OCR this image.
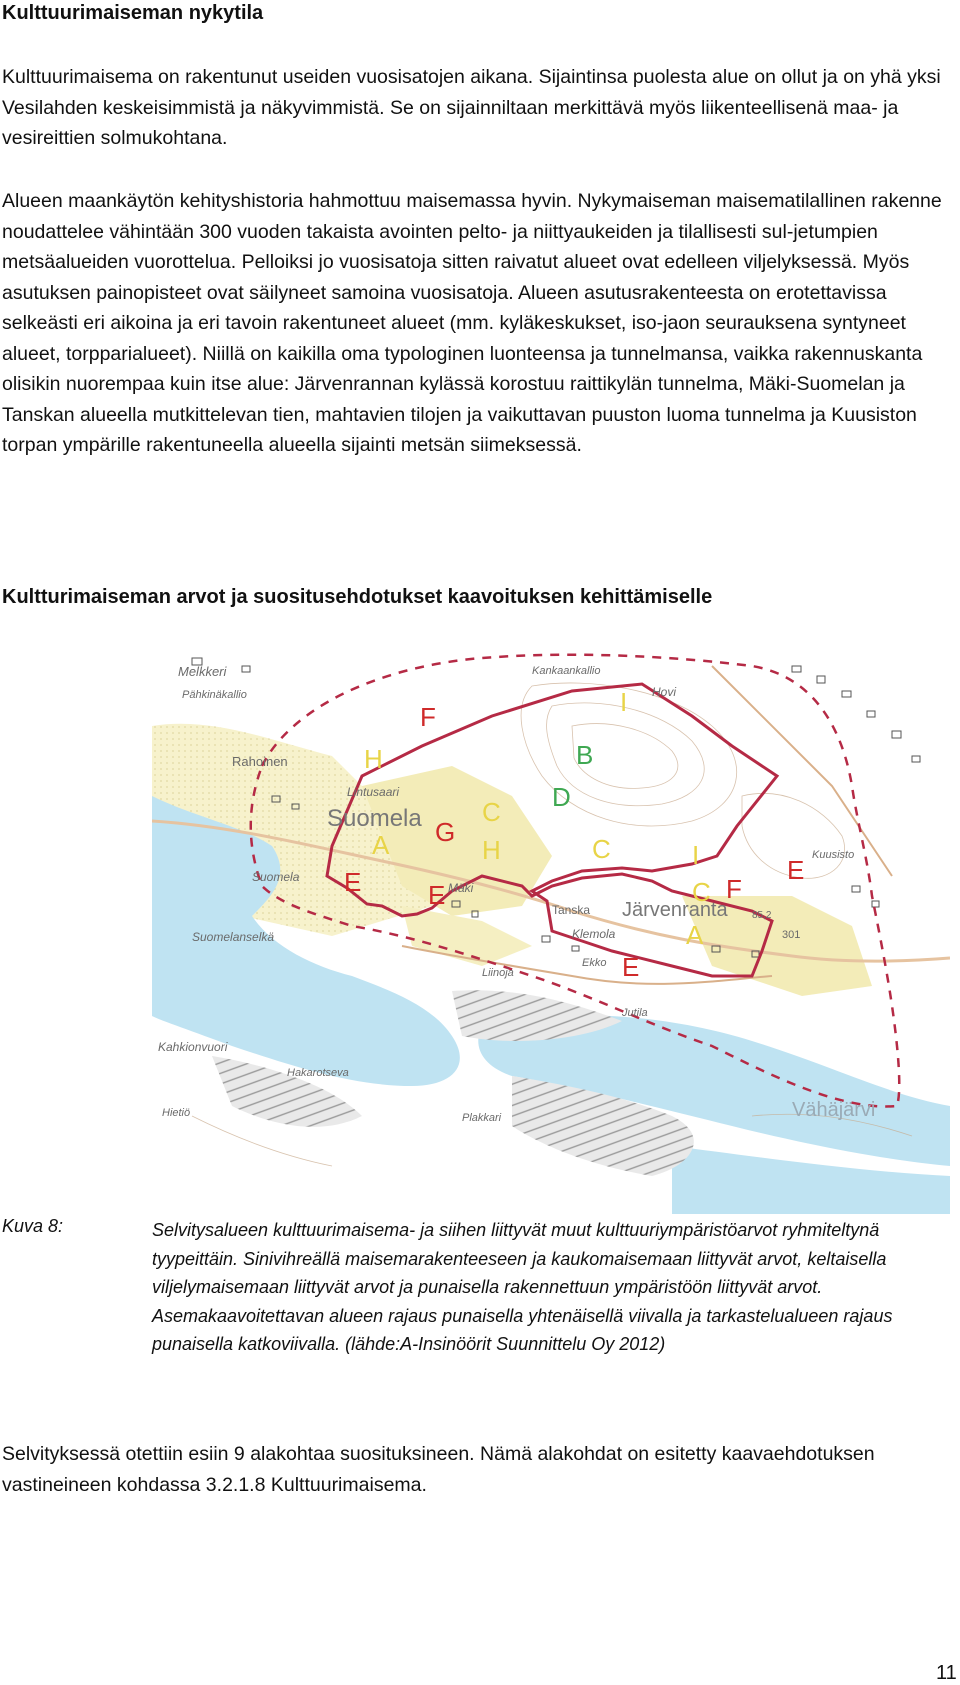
Kulttuurimaiseman nykytila

Kulttuurimaisema on rakentunut useiden vuosisatojen aikana. Sijaintinsa puolesta alue on ollut ja on yhä yksi Vesilahden keskeisimmistä ja näkyvimmistä. Se on sijainniltaan merkittävä myös liikenteellisenä maa- ja vesireittien solmukohtana.

Alueen maankäytön kehityshistoria hahmottuu maisemassa hyvin. Nykymaiseman maisematilallinen rakenne noudattelee vähintään 300 vuoden takaista avointen pelto- ja niittyaukeiden ja tilallisesti sul-jetumpien metsäalueiden vuorottelua. Pelloiksi jo vuosisatoja sitten raivatut alueet ovat edelleen viljelyksessä. Myös asutuksen painopisteet ovat säilyneet samoina vuosisatoja. Alueen asutusrakenteesta on erotettavissa selkeästi eri aikoina ja eri tavoin rakentuneet alueet (mm. kyläkeskukset, iso-jaon seurauksena syntyneet alueet, torpparialueet). Niillä on kaikilla oma typologinen luonteensa ja tunnelmansa, vaikka rakennuskanta olisikin nuorempaa kuin itse alue: Järvenrannan kylässä korostuu raittikylän tunnelma, Mäki-Suomelan ja Tanskan alueella mutkittelevan tien, mahtavien tilojen ja vaikuttavan puuston luoma tunnelma ja Kuusiston torpan ympärille rakentuneella alueella sijainti metsän siimeksessä.

Kultturimaiseman arvot ja suositusehdotukset kaavoituksen kehittämiselle
F
H
I
B
D
C
H
G
A	C
E	E
I
C F
E
A
E
Melkkeri
Pähkinäkallio
Rahoinen
Lintusaari
Suomela
Suomela
Mäki
Suomelanselkä
Tanska Järvenranta
Klemola
Ekko
Liinoja
Jutila
Kahkionvuori
Hakarotseva
Hietiö	Plakkari	Vähäjärvi
Kuusisto
Hovi
Kankaankallio
85,2
301
Kuva 8:	Selvitysalueen kulttuurimaisema- ja siihen liittyvät muut kulttuuriympäristöarvot ryhmiteltynä tyypeittäin. Sinivihreällä maisemarakenteeseen ja kaukomaisemaan liittyvät arvot, keltaisella viljelymaisemaan liittyvät arvot ja punaisella rakennettuun ympäristöön liittyvät arvot. Asemakaavoitettavan alueen rajaus punaisella yhtenäisellä viivalla ja tarkastelualueen rajaus punaisella katkoviivalla. (lähde:A-Insinöörit Suunnittelu Oy 2012)

Selvityksessä otettiin esiin 9 alakohtaa suosituksineen. Nämä alakohdat on esitetty kaavaehdotuksen vastineineen kohdassa 3.2.1.8 Kulttuurimaisema.

11
